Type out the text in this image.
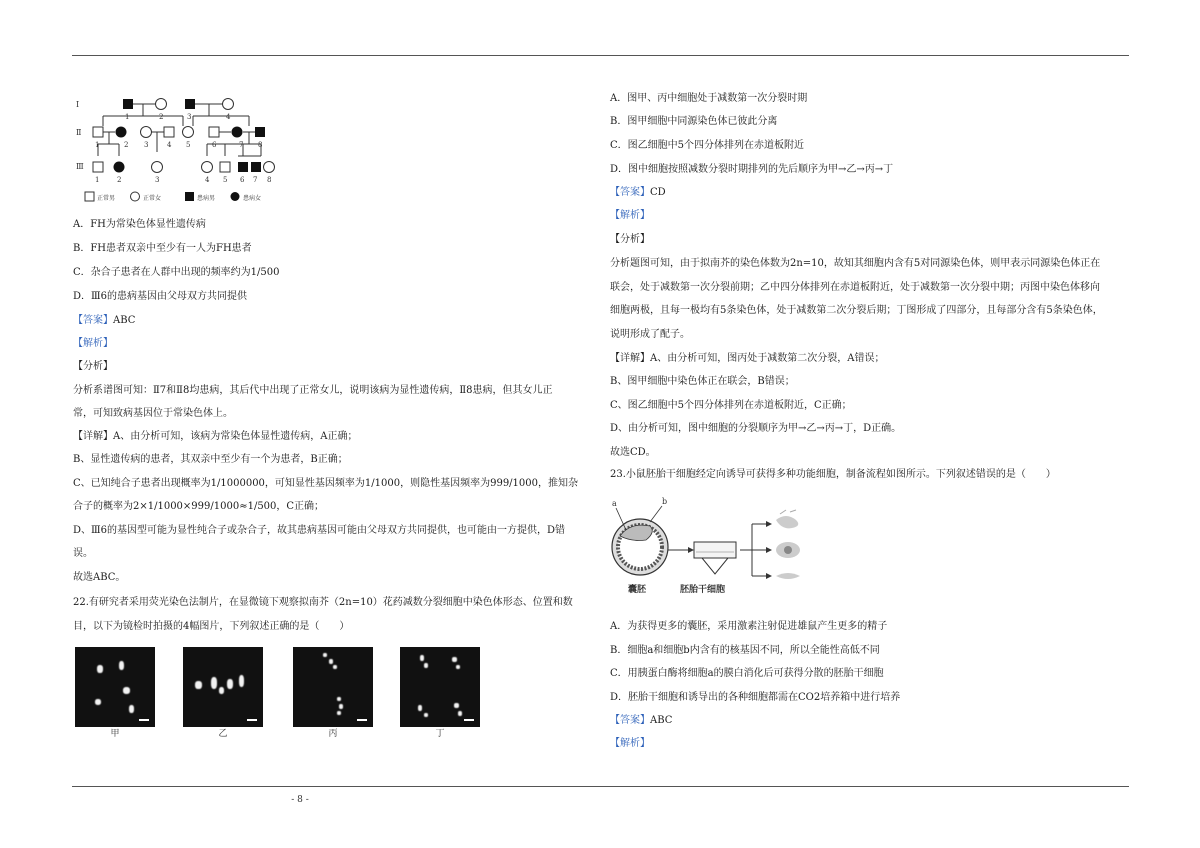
- 8 -
Ⅰ
Ⅱ
Ⅲ
1	2	3	4
1	2 3	4 5	6	7 8
1	2	3	4 5 6 7 8
正常男	正常女	患病男	患病女
A．FH为常染色体显性遗传病
B．FH患者双亲中至少有一人为FH患者
C．杂合子患者在人群中出现的频率约为1/500
D．Ⅲ6的患病基因由父母双方共同提供
【答案】ABC
【解析】
【分析】
分析系谱图可知：Ⅱ7和Ⅱ8均患病，其后代中出现了正常女儿，说明该病为显性遗传病，Ⅱ8患病，但其女儿正
常，可知致病基因位于常染色体上。
【详解】A、由分析可知，该病为常染色体显性遗传病，A正确；
B、显性遗传病的患者，其双亲中至少有一个为患者，B正确；
C、已知纯合子患者出现概率为1/1000000，可知显性基因频率为1/1000，则隐性基因频率为999/1000，推知杂
合子的概率为2×1/1000×999/1000≈1/500，C正确；
D、Ⅲ6的基因型可能为显性纯合子或杂合子，故其患病基因可能由父母双方共同提供，也可能由一方提供，D错
误。
故选ABC。
22.有研究者采用荧光染色法制片，在显微镜下观察拟南芥（2n=10）花药减数分裂细胞中染色体形态、位置和数
目，以下为镜检时拍摄的4幅图片，下列叙述正确的是（　　）
甲	乙	丙	丁
A．图甲、丙中细胞处于减数第一次分裂时期
B．图甲细胞中同源染色体已彼此分离
C．图乙细胞中5个四分体排列在赤道板附近
D．图中细胞按照减数分裂时期排列的先后顺序为甲→乙→丙→丁
【答案】CD
【解析】
【分析】
分析题图可知，由于拟南芥的染色体数为2n=10，故知其细胞内含有5对同源染色体，则甲表示同源染色体正在
联会，处于减数第一次分裂前期；乙中四分体排列在赤道板附近，处于减数第一次分裂中期；丙图中染色体移向
细胞两极，且每一极均有5条染色体，处于减数第二次分裂后期；丁图形成了四部分，且每部分含有5条染色体，
说明形成了配子。
【详解】A、由分析可知，图丙处于减数第二次分裂，A错误；
B、图甲细胞中染色体正在联会，B错误；
C、图乙细胞中5个四分体排列在赤道板附近，C正确；
D、由分析可知，图中细胞的分裂顺序为甲→乙→丙→丁，D正确。
故选CD。
23.小鼠胚胎干细胞经定向诱导可获得多种功能细胞，制备流程如图所示。下列叙述错误的是（　　）
a	b
囊胚	胚胎干细胞
A．为获得更多的囊胚，采用激素注射促进雄鼠产生更多的精子
B．细胞a和细胞b内含有的核基因不同，所以全能性高低不同
C．用胰蛋白酶将细胞a的膜白消化后可获得分散的胚胎干细胞
D．胚胎干细胞和诱导出的各种细胞都需在CO2培养箱中进行培养
【答案】ABC
【解析】
